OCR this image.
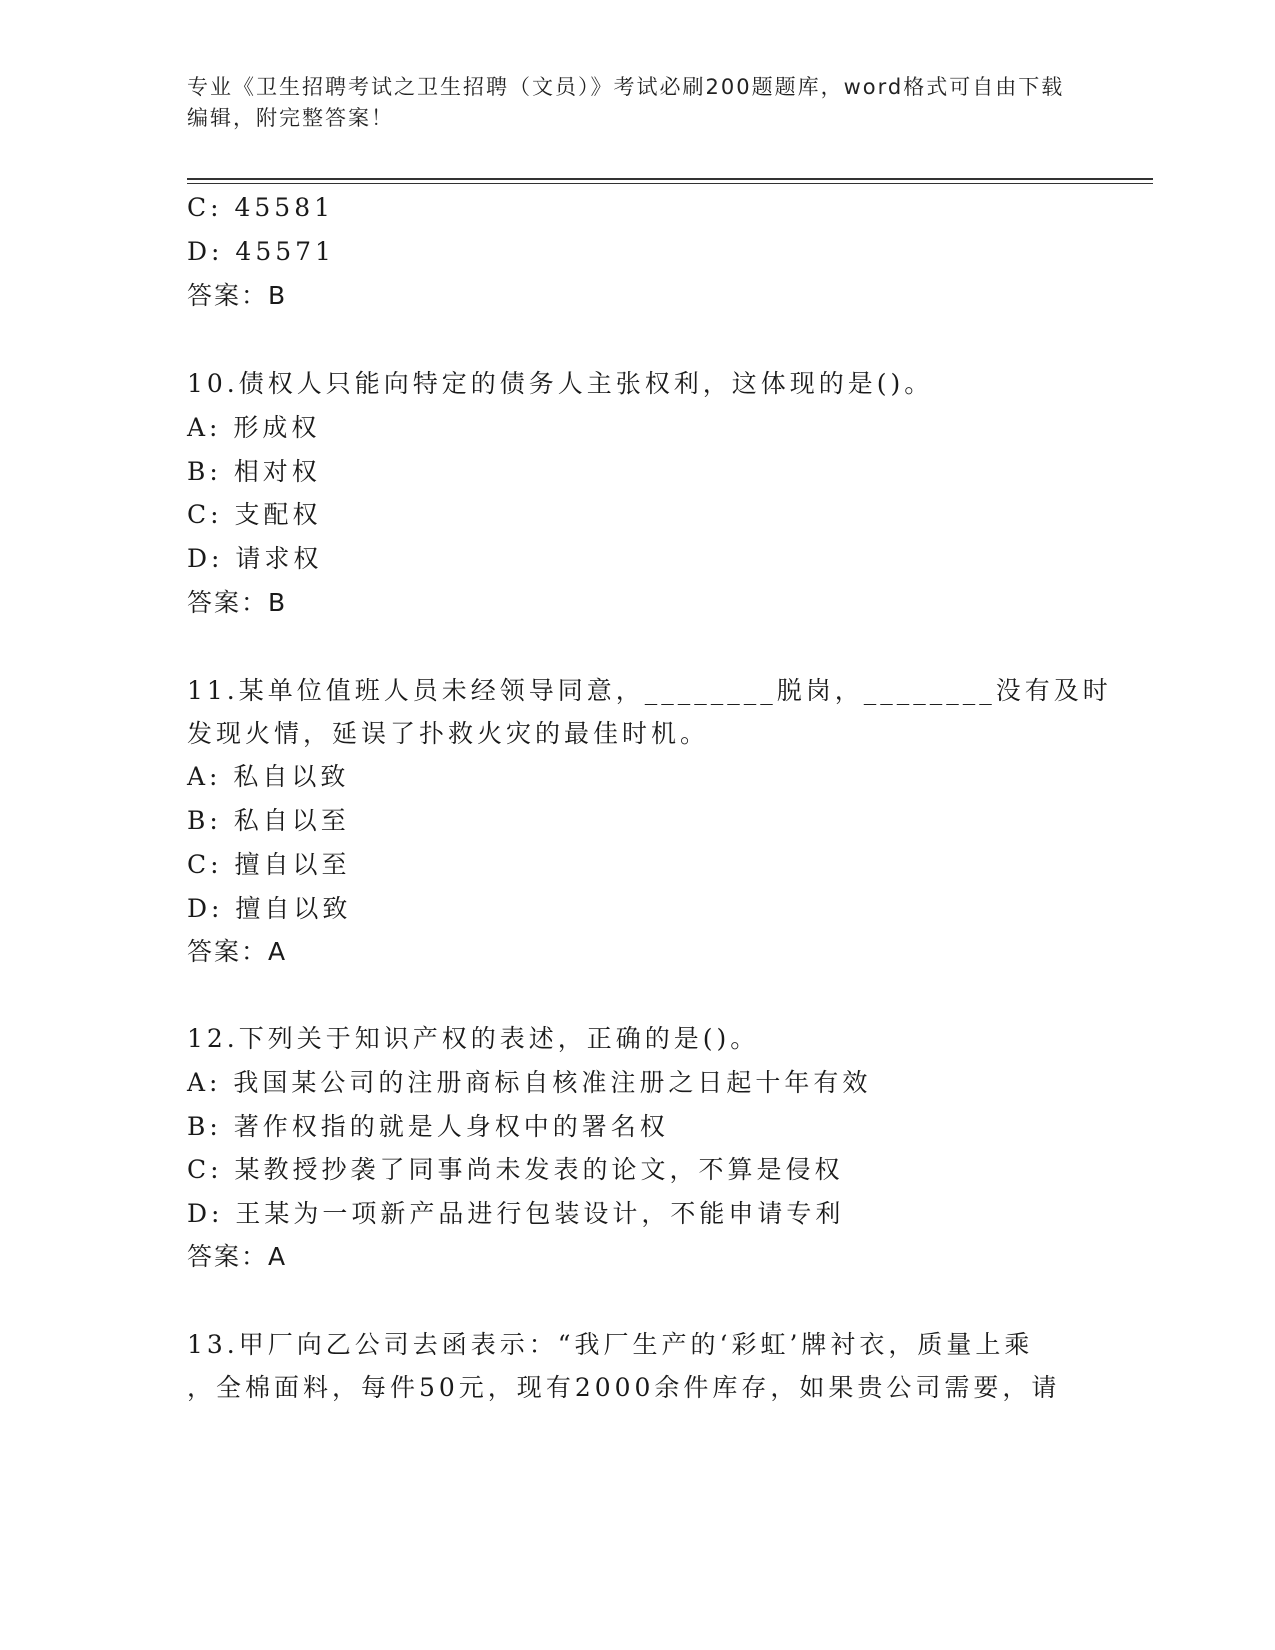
专业《卫生招聘考试之卫生招聘（文员）》考试必刷200题题库，word格式可自由下载编辑，附完整答案！
C: 45581
D: 45571
答案：B
10.债权人只能向特定的债务人主张权利，这体现的是()。
A: 形成权
B: 相对权
C: 支配权
D: 请求权
答案：B
11.某单位值班人员未经领导同意，________脱岗，________没有及时
发现火情，延误了扑救火灾的最佳时机。
A: 私自以致
B: 私自以至
C: 擅自以至
D: 擅自以致
答案：A
12.下列关于知识产权的表述，正确的是()。
A: 我国某公司的注册商标自核准注册之日起十年有效
B: 著作权指的就是人身权中的署名权
C: 某教授抄袭了同事尚未发表的论文，不算是侵权
D: 王某为一项新产品进行包装设计，不能申请专利
答案：A
13.甲厂向乙公司去函表示：“我厂生产的‘彩虹’牌衬衣，质量上乘
，全棉面料，每件50元，现有2000余件库存，如果贵公司需要，请
